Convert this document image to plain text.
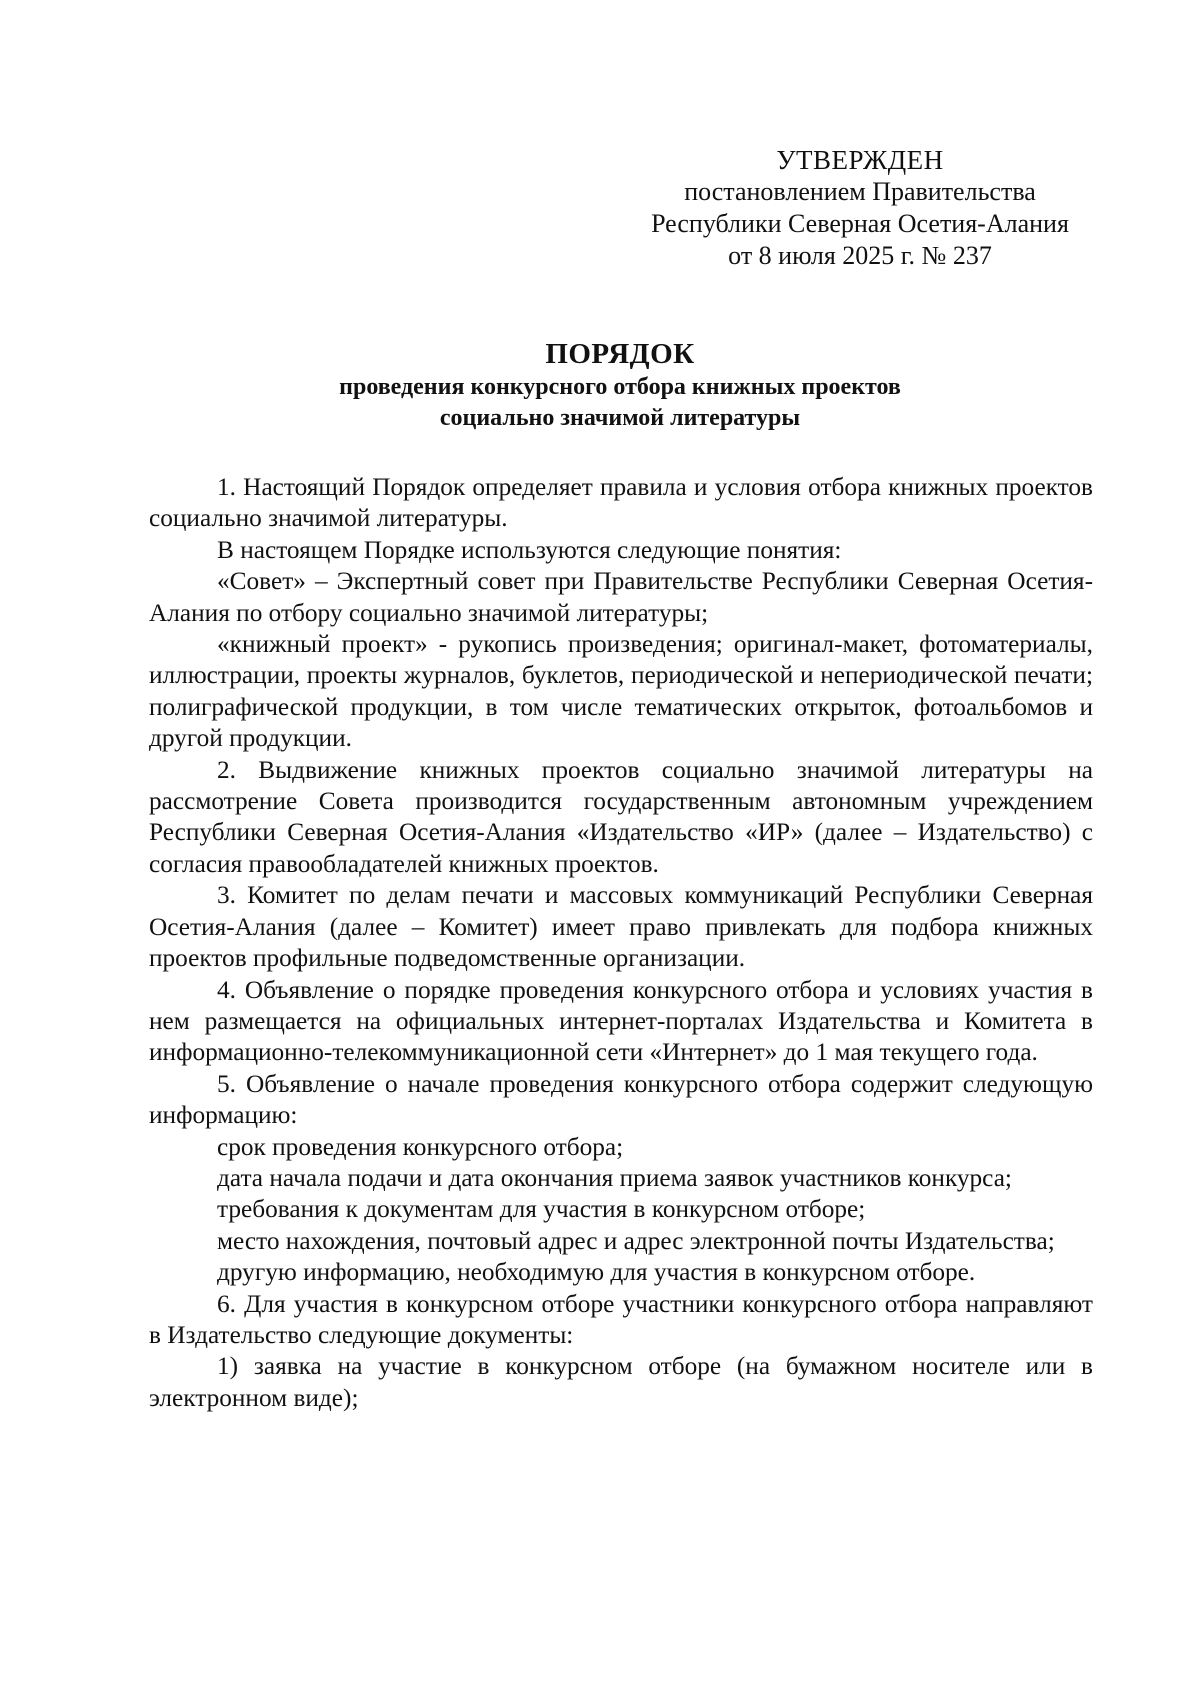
УТВЕРЖДЕН
постановлением Правительства
Республики Северная Осетия-Алания
от 8 июля 2025 г. № 237
ПОРЯДОК
проведения конкурсного отбора книжных проектов
социально значимой литературы

1. Настоящий Порядок определяет правила и условия отбора книжных проектов социально значимой литературы.

В настоящем Порядке используются следующие понятия:

«Совет» – Экспертный совет при Правительстве Республики Северная Осетия-Алания по отбору социально значимой литературы;

«книжный проект» - рукопись произведения; оригинал-макет, фотоматериалы, иллюстрации, проекты журналов, буклетов, периодической и непериодической печати; полиграфической продукции, в том числе тематических открыток, фотоальбомов и другой продукции.

2. Выдвижение книжных проектов социально значимой литературы на рассмотрение Совета производится государственным автономным учреждением Республики Северная Осетия-Алания «Издательство «ИР» (далее – Издательство) с согласия правообладателей книжных проектов.

3. Комитет по делам печати и массовых коммуникаций Республики Северная Осетия-Алания (далее – Комитет) имеет право привлекать для подбора книжных проектов профильные подведомственные организации.

4. Объявление о порядке проведения конкурсного отбора и условиях участия в нем размещается на официальных интернет-порталах Издательства и Комитета в информационно-телекоммуникационной сети «Интернет» до 1 мая текущего года.

5. Объявление о начале проведения конкурсного отбора содержит следующую информацию:

срок проведения конкурсного отбора;

дата начала подачи и дата окончания приема заявок участников конкурса;

требования к документам для участия в конкурсном отборе;

место нахождения, почтовый адрес и адрес электронной почты Издательства;

другую информацию, необходимую для участия в конкурсном отборе.

6. Для участия в конкурсном отборе участники конкурсного отбора направляют в Издательство следующие документы:

1) заявка на участие в конкурсном отборе (на бумажном носителе или в электронном виде);
